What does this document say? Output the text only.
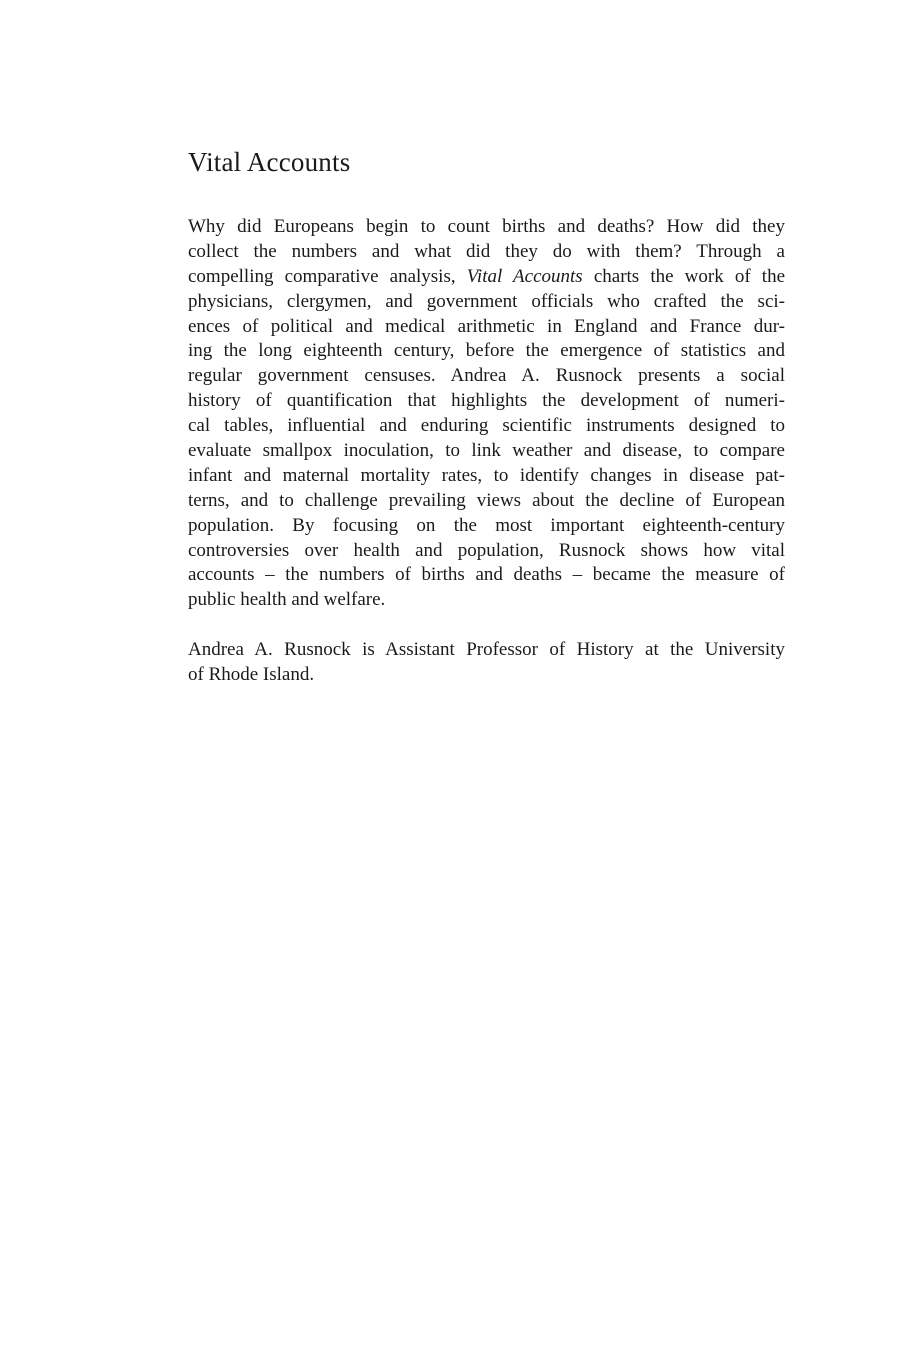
Vital Accounts
Why did Europeans begin to count births and deaths? How did they
collect the numbers and what did they do with them? Through a
compelling comparative analysis, Vital Accounts charts the work of the
physicians, clergymen, and government officials who crafted the sci-
ences of political and medical arithmetic in England and France dur-
ing the long eighteenth century, before the emergence of statistics and
regular government censuses. Andrea A. Rusnock presents a social
history of quantification that highlights the development of numeri-
cal tables, influential and enduring scientific instruments designed to
evaluate smallpox inoculation, to link weather and disease, to compare
infant and maternal mortality rates, to identify changes in disease pat-
terns, and to challenge prevailing views about the decline of European
population. By focusing on the most important eighteenth-century
controversies over health and population, Rusnock shows how vital
accounts – the numbers of births and deaths – became the measure of
public health and welfare.
Andrea A. Rusnock is Assistant Professor of History at the University
of Rhode Island.
